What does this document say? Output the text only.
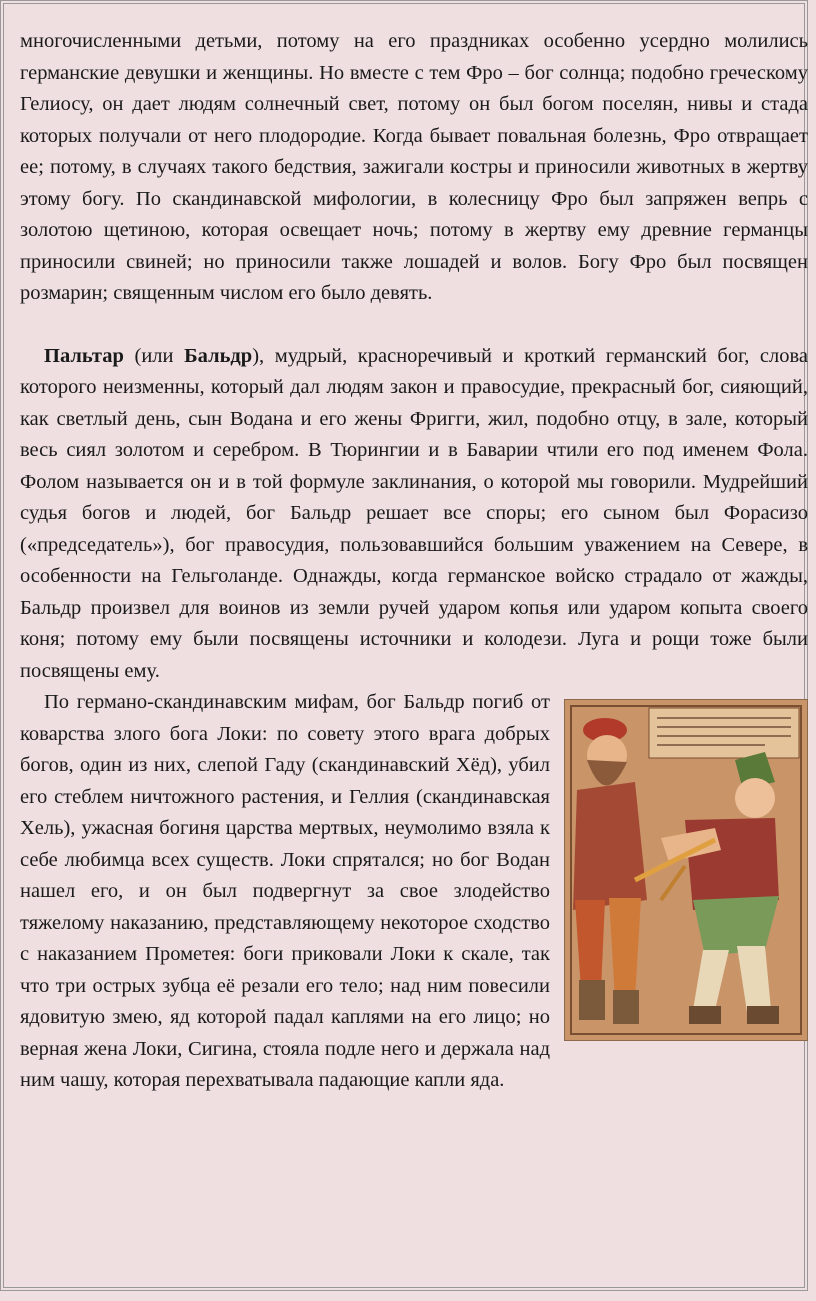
многочисленными детьми, потому на его праздниках особенно усердно молились германские девушки и женщины. Но вместе с тем Фро – бог солнца; подобно греческому Гелиосу, он дает людям солнечный свет, потому он был богом поселян, нивы и стада которых получали от него плодородие. Когда бывает повальная болезнь, Фро отвращает ее; потому, в случаях такого бедствия, зажигали костры и приносили животных в жертву этому богу. По скандинавской мифологии, в колесницу Фро был запряжен вепрь с золотою щетиною, которая освещает ночь; потому в жертву ему древние германцы приносили свиней; но приносили также лошадей и волов. Богу Фро был посвящен розмарин; священным числом его было девять.

Пальтар (или Бальдр), мудрый, красноречивый и кроткий германский бог, слова которого неизменны, который дал людям закон и правосудие, прекрасный бог, сияющий, как светлый день, сын Водана и его жены Фригги, жил, подобно отцу, в зале, который весь сиял золотом и серебром. В Тюрингии и в Баварии чтили его под именем Фола. Фолом называется он и в той формуле заклинания, о которой мы говорили. Мудрейший судья богов и людей, бог Бальдр решает все споры; его сыном был Форасизо («председатель»), бог правосудия, пользовавшийся большим уважением на Севере, в особенности на Гельголанде. Однажды, когда германское войско страдало от жажды, Бальдр произвел для воинов из земли ручей ударом копья или ударом копыта своего коня; потому ему были посвящены источники и колодези. Луга и рощи тоже были посвящены ему.

По германо-скандинавским мифам, бог Бальдр погиб от коварства злого бога Локи: по совету этого врага добрых богов, один из них, слепой Гаду (скандинавский Хёд), убил его стеблем ничтожного растения, и Геллия (скандинавская Хель), ужасная богиня царства мертвых, неумолимо взяла к себе любимца всех существ. Локи спрятался; но бог Водан нашел его, и он был подвергнут за свое злодейство тяжелому наказанию, представляющему некоторое сходство с наказанием Прометея: боги приковали Локи к скале, так что три острых зубца её резали его тело; над ним повесили ядовитую змею, яд которой падал каплями на его лицо; но верная жена Локи, Сигина, стояла подле него и держала над ним чашу, которая перехватывала падающие капли яда.
